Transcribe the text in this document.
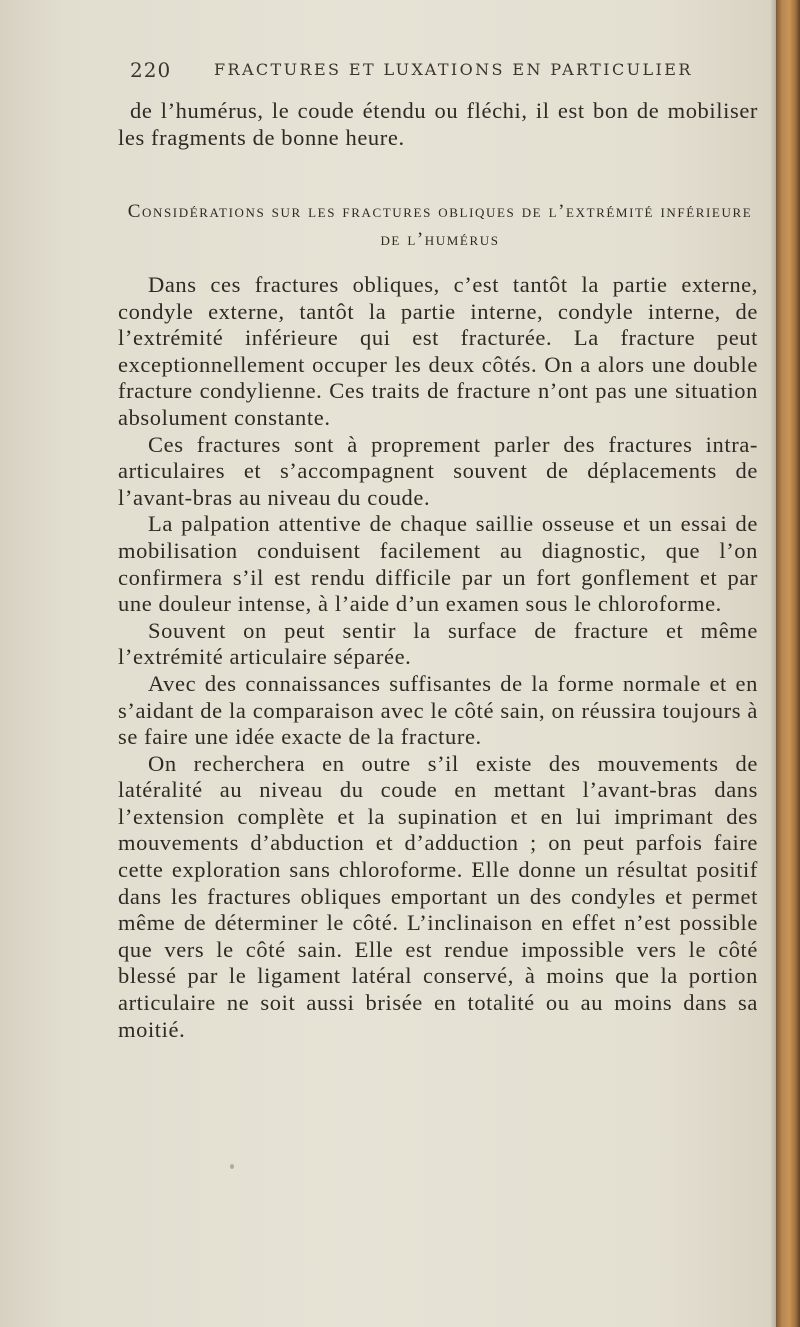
220	FRACTURES ET LUXATIONS EN PARTICULIER

de l’humérus, le coude étendu ou fléchi, il est bon de mobiliser les fragments de bonne heure.

Considérations sur les fractures obliques de l’extrémité inférieure de l’humérus

Dans ces fractures obliques, c’est tantôt la partie externe, condyle externe, tantôt la partie interne, condyle interne, de l’extrémité inférieure qui est fracturée. La fracture peut exceptionnellement occuper les deux côtés. On a alors une double fracture condylienne. Ces traits de fracture n’ont pas une situation absolument constante.

Ces fractures sont à proprement parler des fractures intra-articulaires et s’accompagnent souvent de déplacements de l’avant-bras au niveau du coude.

La palpation attentive de chaque saillie osseuse et un essai de mobilisation conduisent facilement au diagnostic, que l’on confirmera s’il est rendu difficile par un fort gonflement et par une douleur intense, à l’aide d’un examen sous le chloroforme.

Souvent on peut sentir la surface de fracture et même l’extrémité articulaire séparée.

Avec des connaissances suffisantes de la forme normale et en s’aidant de la comparaison avec le côté sain, on réussira toujours à se faire une idée exacte de la fracture.

On recherchera en outre s’il existe des mouvements de latéralité au niveau du coude en mettant l’avant-bras dans l’extension complète et la supination et en lui imprimant des mouvements d’abduction et d’adduction ; on peut parfois faire cette exploration sans chloroforme. Elle donne un résultat positif dans les fractures obliques emportant un des condyles et permet même de déterminer le côté. L’inclinaison en effet n’est possible que vers le côté sain. Elle est rendue impossible vers le côté blessé par le ligament latéral conservé, à moins que la portion articulaire ne soit aussi brisée en totalité ou au moins dans sa moitié.
